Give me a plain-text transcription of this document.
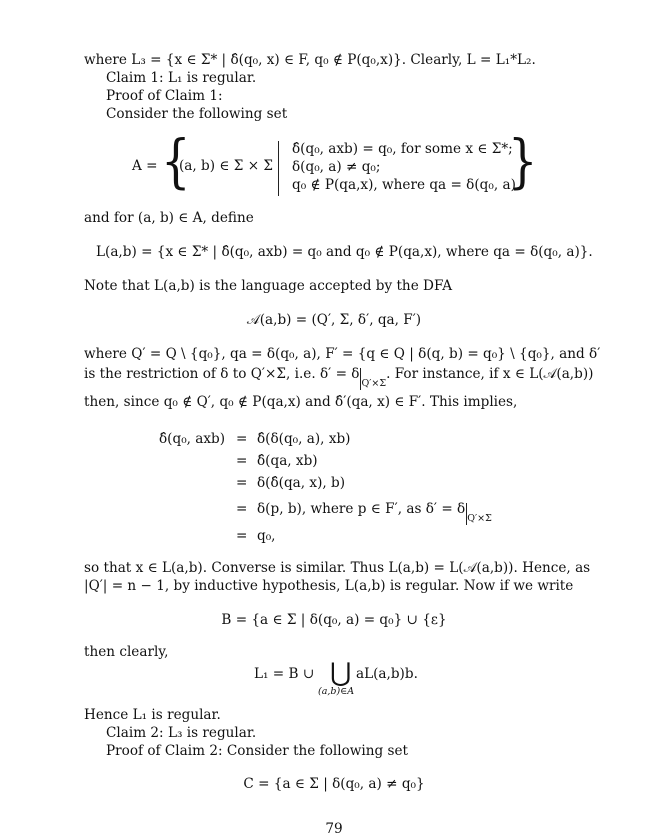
where L₃ = {x ∈ Σ* | δ̂(q₀, x) ∈ F, q₀ ∉ P(q₀,x)}. Clearly, L = L₁*L₂.
Claim 1: L₁ is regular.
Proof of Claim 1:
Consider the following set
A = {
(a, b) ∈ Σ × Σ
δ̂(q₀, axb) = q₀, for some x ∈ Σ*;
δ(q₀, a) ≠ q₀;
q₀ ∉ P(qa,x), where qa = δ(q₀, a).
}
and for (a, b) ∈ A, define
L(a,b) = {x ∈ Σ* | δ̂(q₀, axb) = q₀ and q₀ ∉ P(qa,x), where qa = δ(q₀, a)}.
Note that L(a,b) is the language accepted by the DFA
𝒜(a,b) = (Q′, Σ, δ′, qa, F′)
where Q′ = Q \ {q₀}, qa = δ(q₀, a), F′ = {q ∈ Q | δ(q, b) = q₀} \ {q₀}, and δ′
is the restriction of δ to Q′×Σ, i.e. $\delta' = \delta_{Q'\times\Sigma}$. For instance, if x ∈ L(𝒜(a,b))
then, since q₀ ∉ Q′, q₀ ∉ P(qa,x) and δ̂′(qa, x) ∈ F′. This implies,
δ̂(q₀, axb) = δ̂(δ(q₀, a), xb)
= δ̂(qa, xb)
= δ(δ̂(qa, x), b)
= δ(p, b), where p ∈ F′, as $\delta' = \delta_{Q'\times\Sigma}$
= q₀,
so that x ∈ L(a,b). Converse is similar. Thus L(a,b) = L(𝒜(a,b)). Hence, as
|Q′| = n − 1, by inductive hypothesis, L(a,b) is regular. Now if we write
B = {a ∈ Σ | δ(q₀, a) = q₀} ∪ {ε}
then clearly,
L₁ = B ∪ ⋃ aL(a,b)b.
(a,b)∈A
Hence L₁ is regular.
Claim 2: L₃ is regular.
Proof of Claim 2: Consider the following set
C = {a ∈ Σ | δ(q₀, a) ≠ q₀}
79
